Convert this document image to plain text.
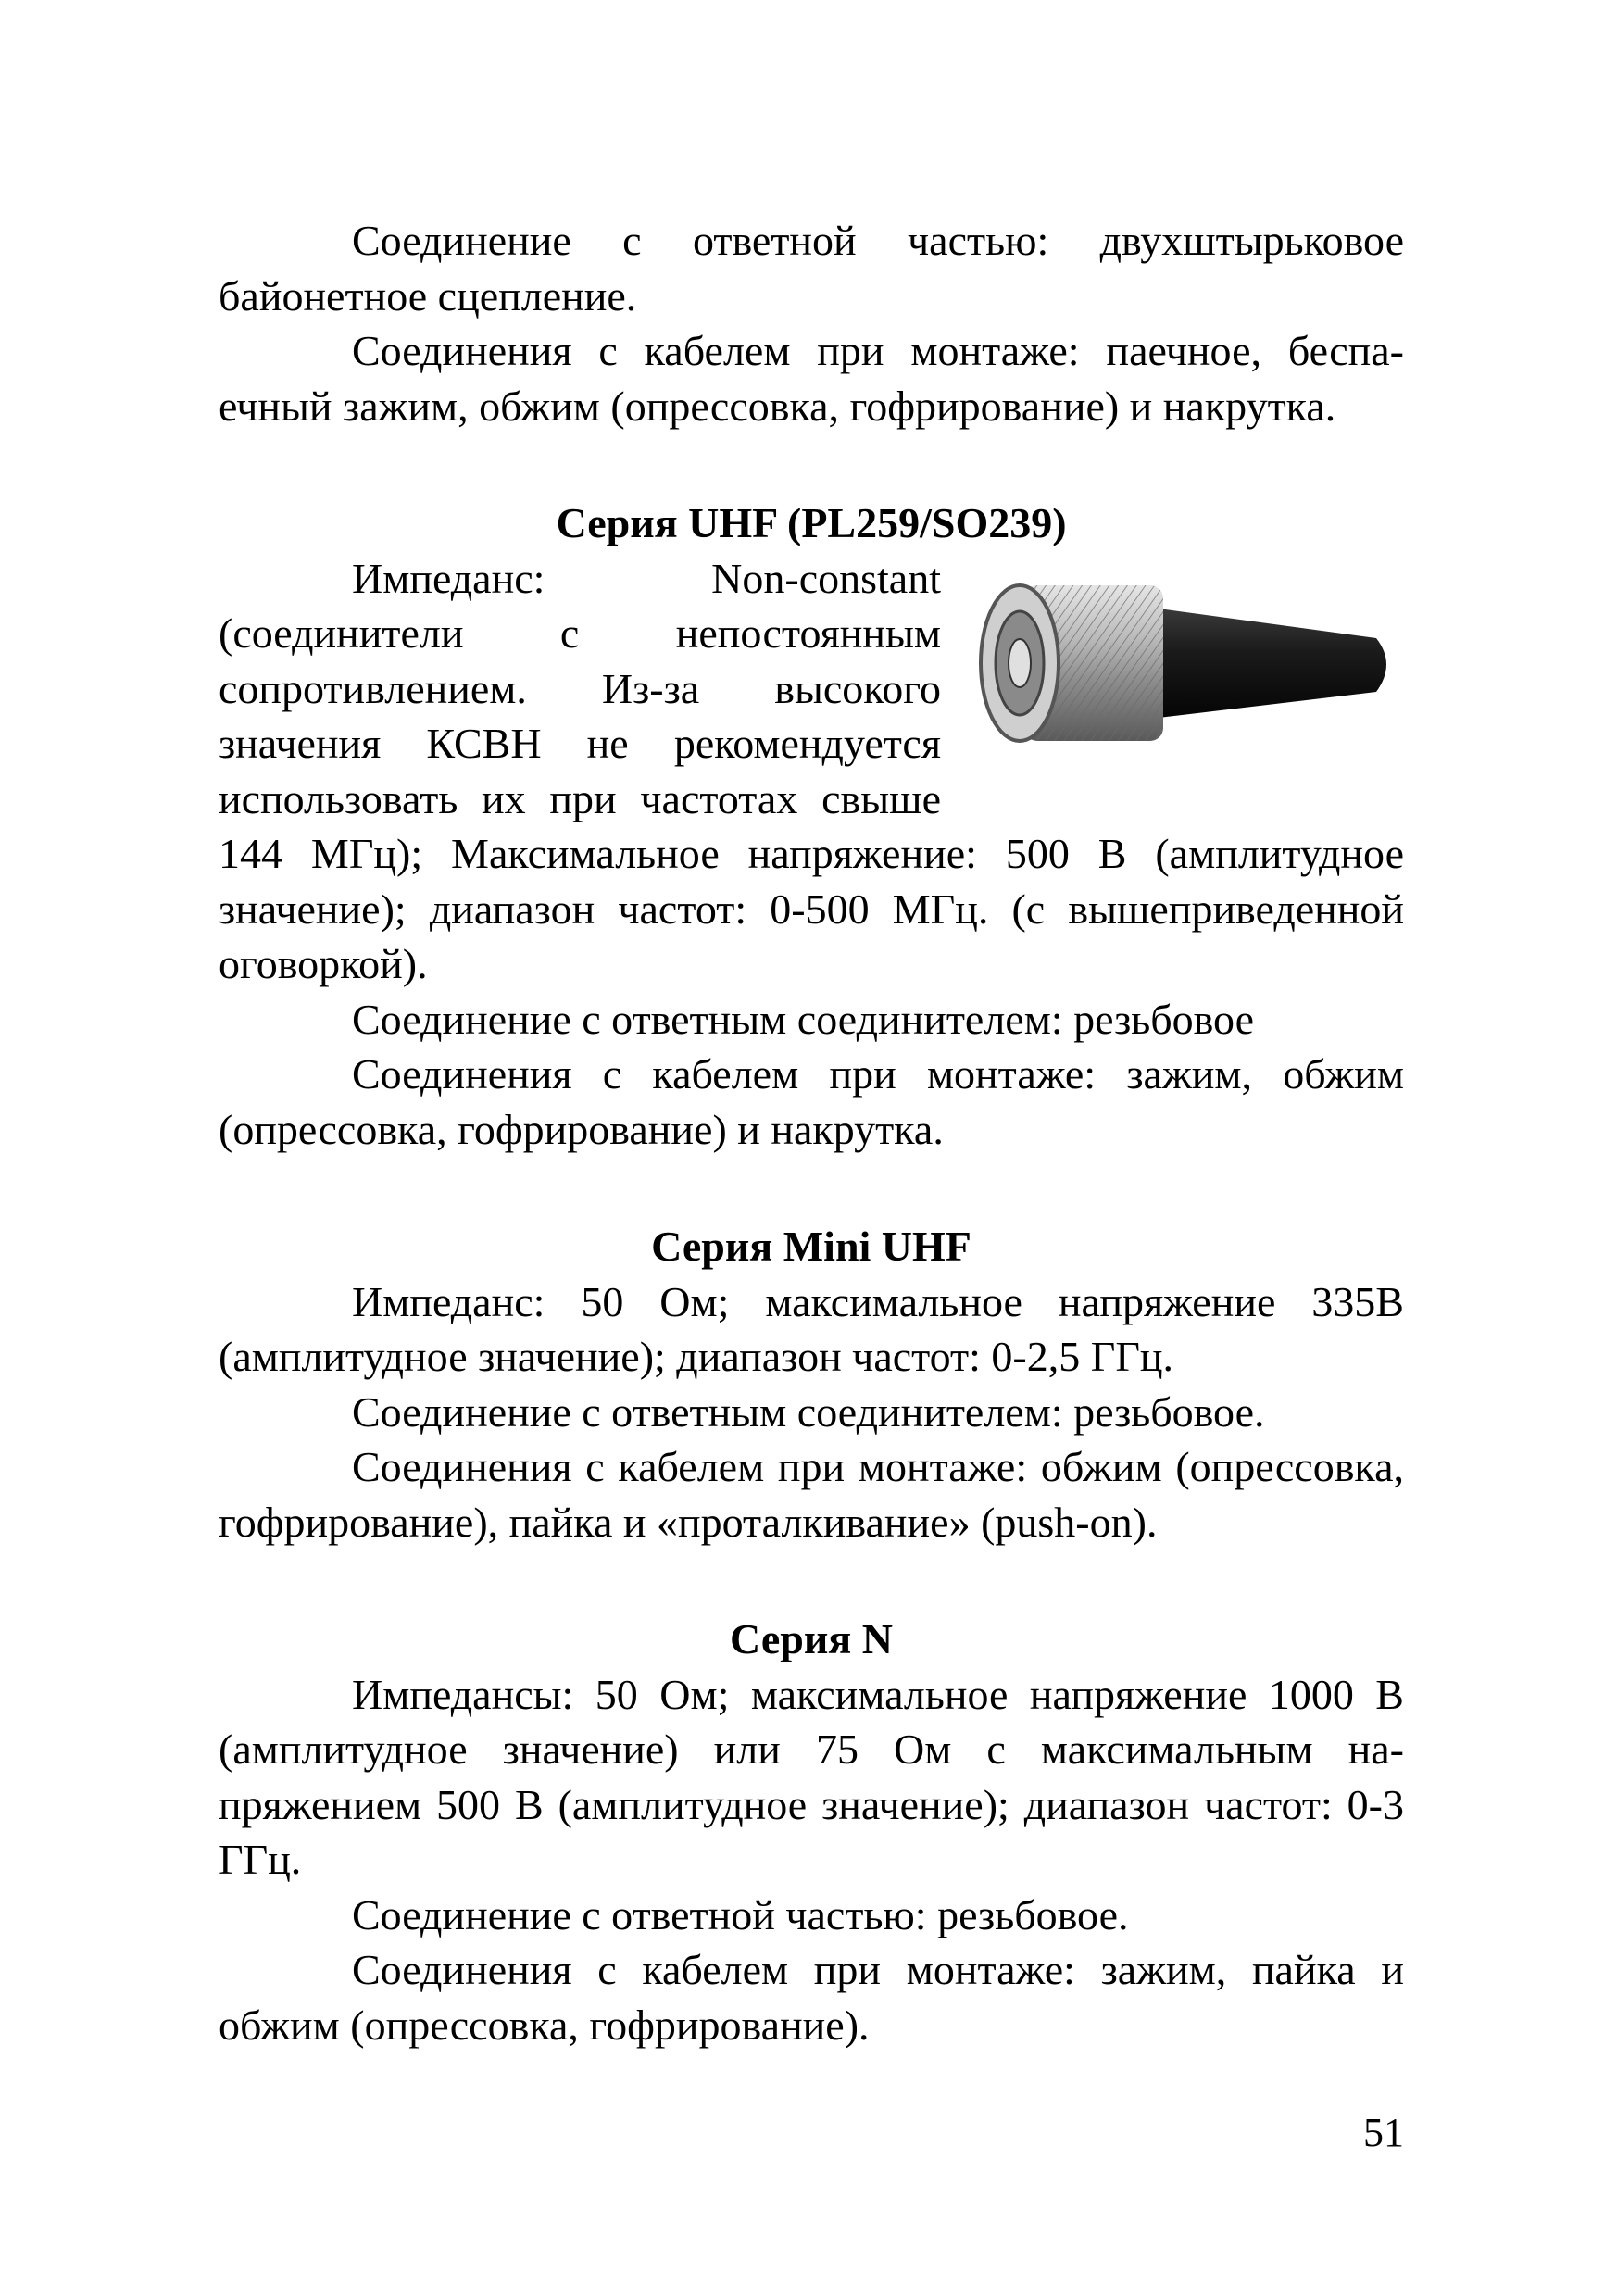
Соединение с ответной частью: двухштырьковое байонетное сцепление.

Соединения с кабелем при монтаже: паечное, беспаечный зажим, обжим (опрессовка, гофрирование) и накрутка.

Серия UHF (PL259/SO239)

Импеданс: Non-constant (соединители с непостоянным сопротивлением. Из-за высокого значения КСВН не рекомендуется использовать их при частотах свыше 144 МГц); Максимальное напряжение: 500 В (амплитудное значение); диапазон частот: 0-500 МГц. (с вышеприведенной оговоркой).

Соединение с ответным соединителем: резьбовое

Соединения с кабелем при монтаже: зажим, обжим (опрессовка, гофрирование) и накрутка.

Серия Mini UHF

Импеданс: 50 Ом; максимальное напряжение 335В (амплитудное значение); диапазон частот: 0-2,5 ГГц.

Соединение с ответным соединителем: резьбовое.

Соединения с кабелем при монтаже: обжим (опрессовка, гофрирование), пайка и «проталкивание» (push-on).

Серия N

Импедансы: 50 Ом; максимальное напряжение 1000 В (амплитудное значение) или 75 Ом с максимальным напряжением 500 В (амплитудное значение); диапазон частот: 0-3 ГГц.

Соединение с ответной частью: резьбовое.

Соединения с кабелем при монтаже: зажим, пайка и обжим (опрессовка, гофрирование).

51
